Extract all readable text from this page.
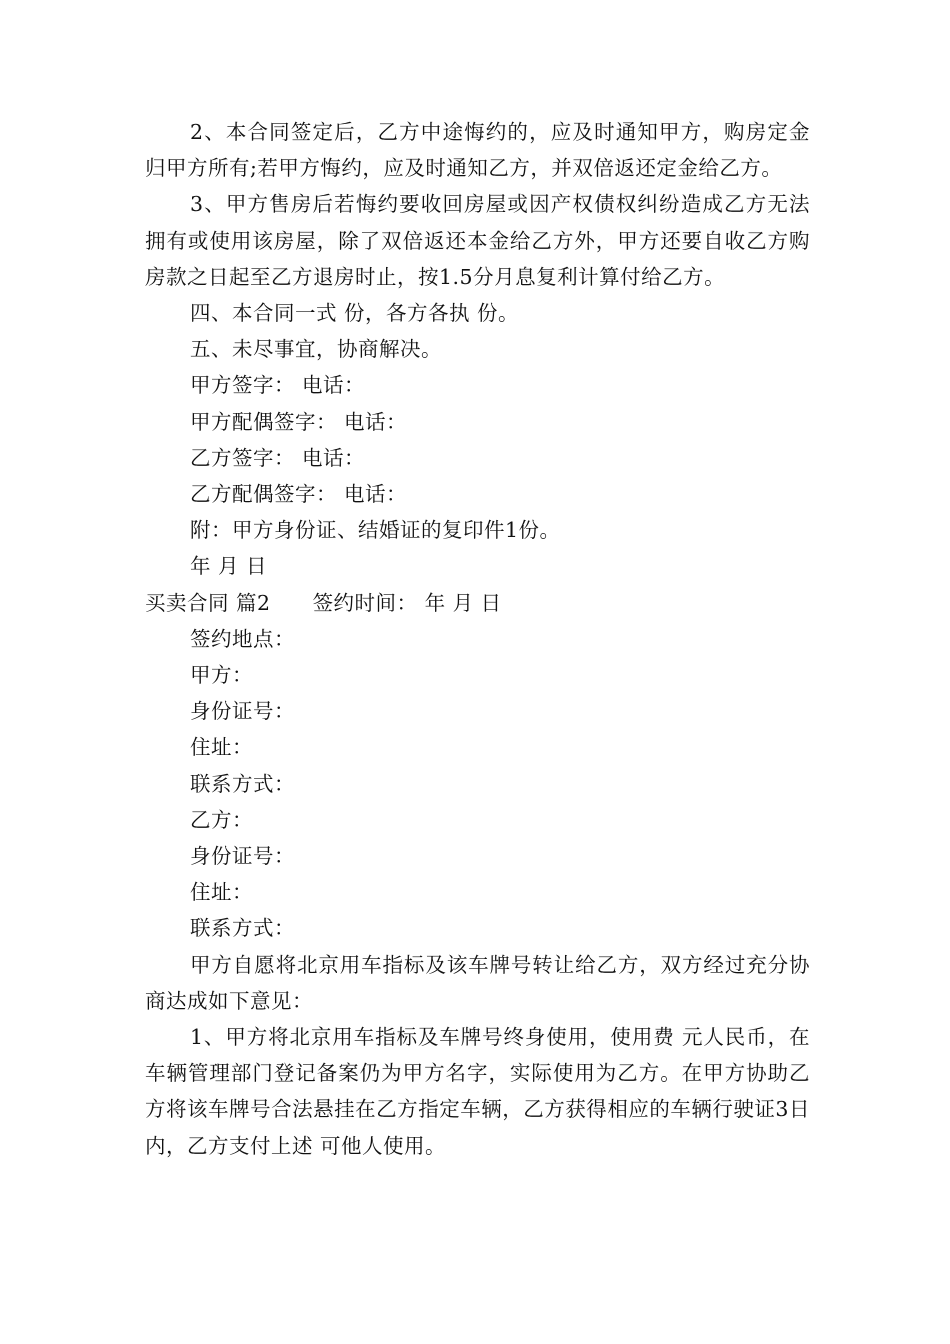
2、本合同签定后，乙方中途悔约的，应及时通知甲方，购房定金归甲方所有;若甲方悔约，应及时通知乙方，并双倍返还定金给乙方。

3、甲方售房后若悔约要收回房屋或因产权债权纠纷造成乙方无法拥有或使用该房屋，除了双倍返还本金给乙方外，甲方还要自收乙方购房款之日起至乙方退房时止，按1.5分月息复利计算付给乙方。

四、本合同一式 份，各方各执 份。

五、未尽事宜，协商解决。

甲方签字： 电话：

甲方配偶签字： 电话：

乙方签字： 电话：

乙方配偶签字： 电话：

附：甲方身份证、结婚证的复印件1份。

年 月 日

买卖合同 篇2 签约时间： 年 月 日

签约地点：

甲方：

身份证号：

住址：

联系方式：

乙方：

身份证号：

住址：

联系方式：

甲方自愿将北京用车指标及该车牌号转让给乙方，双方经过充分协商达成如下意见：

1、甲方将北京用车指标及车牌号终身使用，使用费 元人民币，在车辆管理部门登记备案仍为甲方名字，实际使用为乙方。在甲方协助乙方将该车牌号合法悬挂在乙方指定车辆，乙方获得相应的车辆行驶证3日内，乙方支付上述 可他人使用。
